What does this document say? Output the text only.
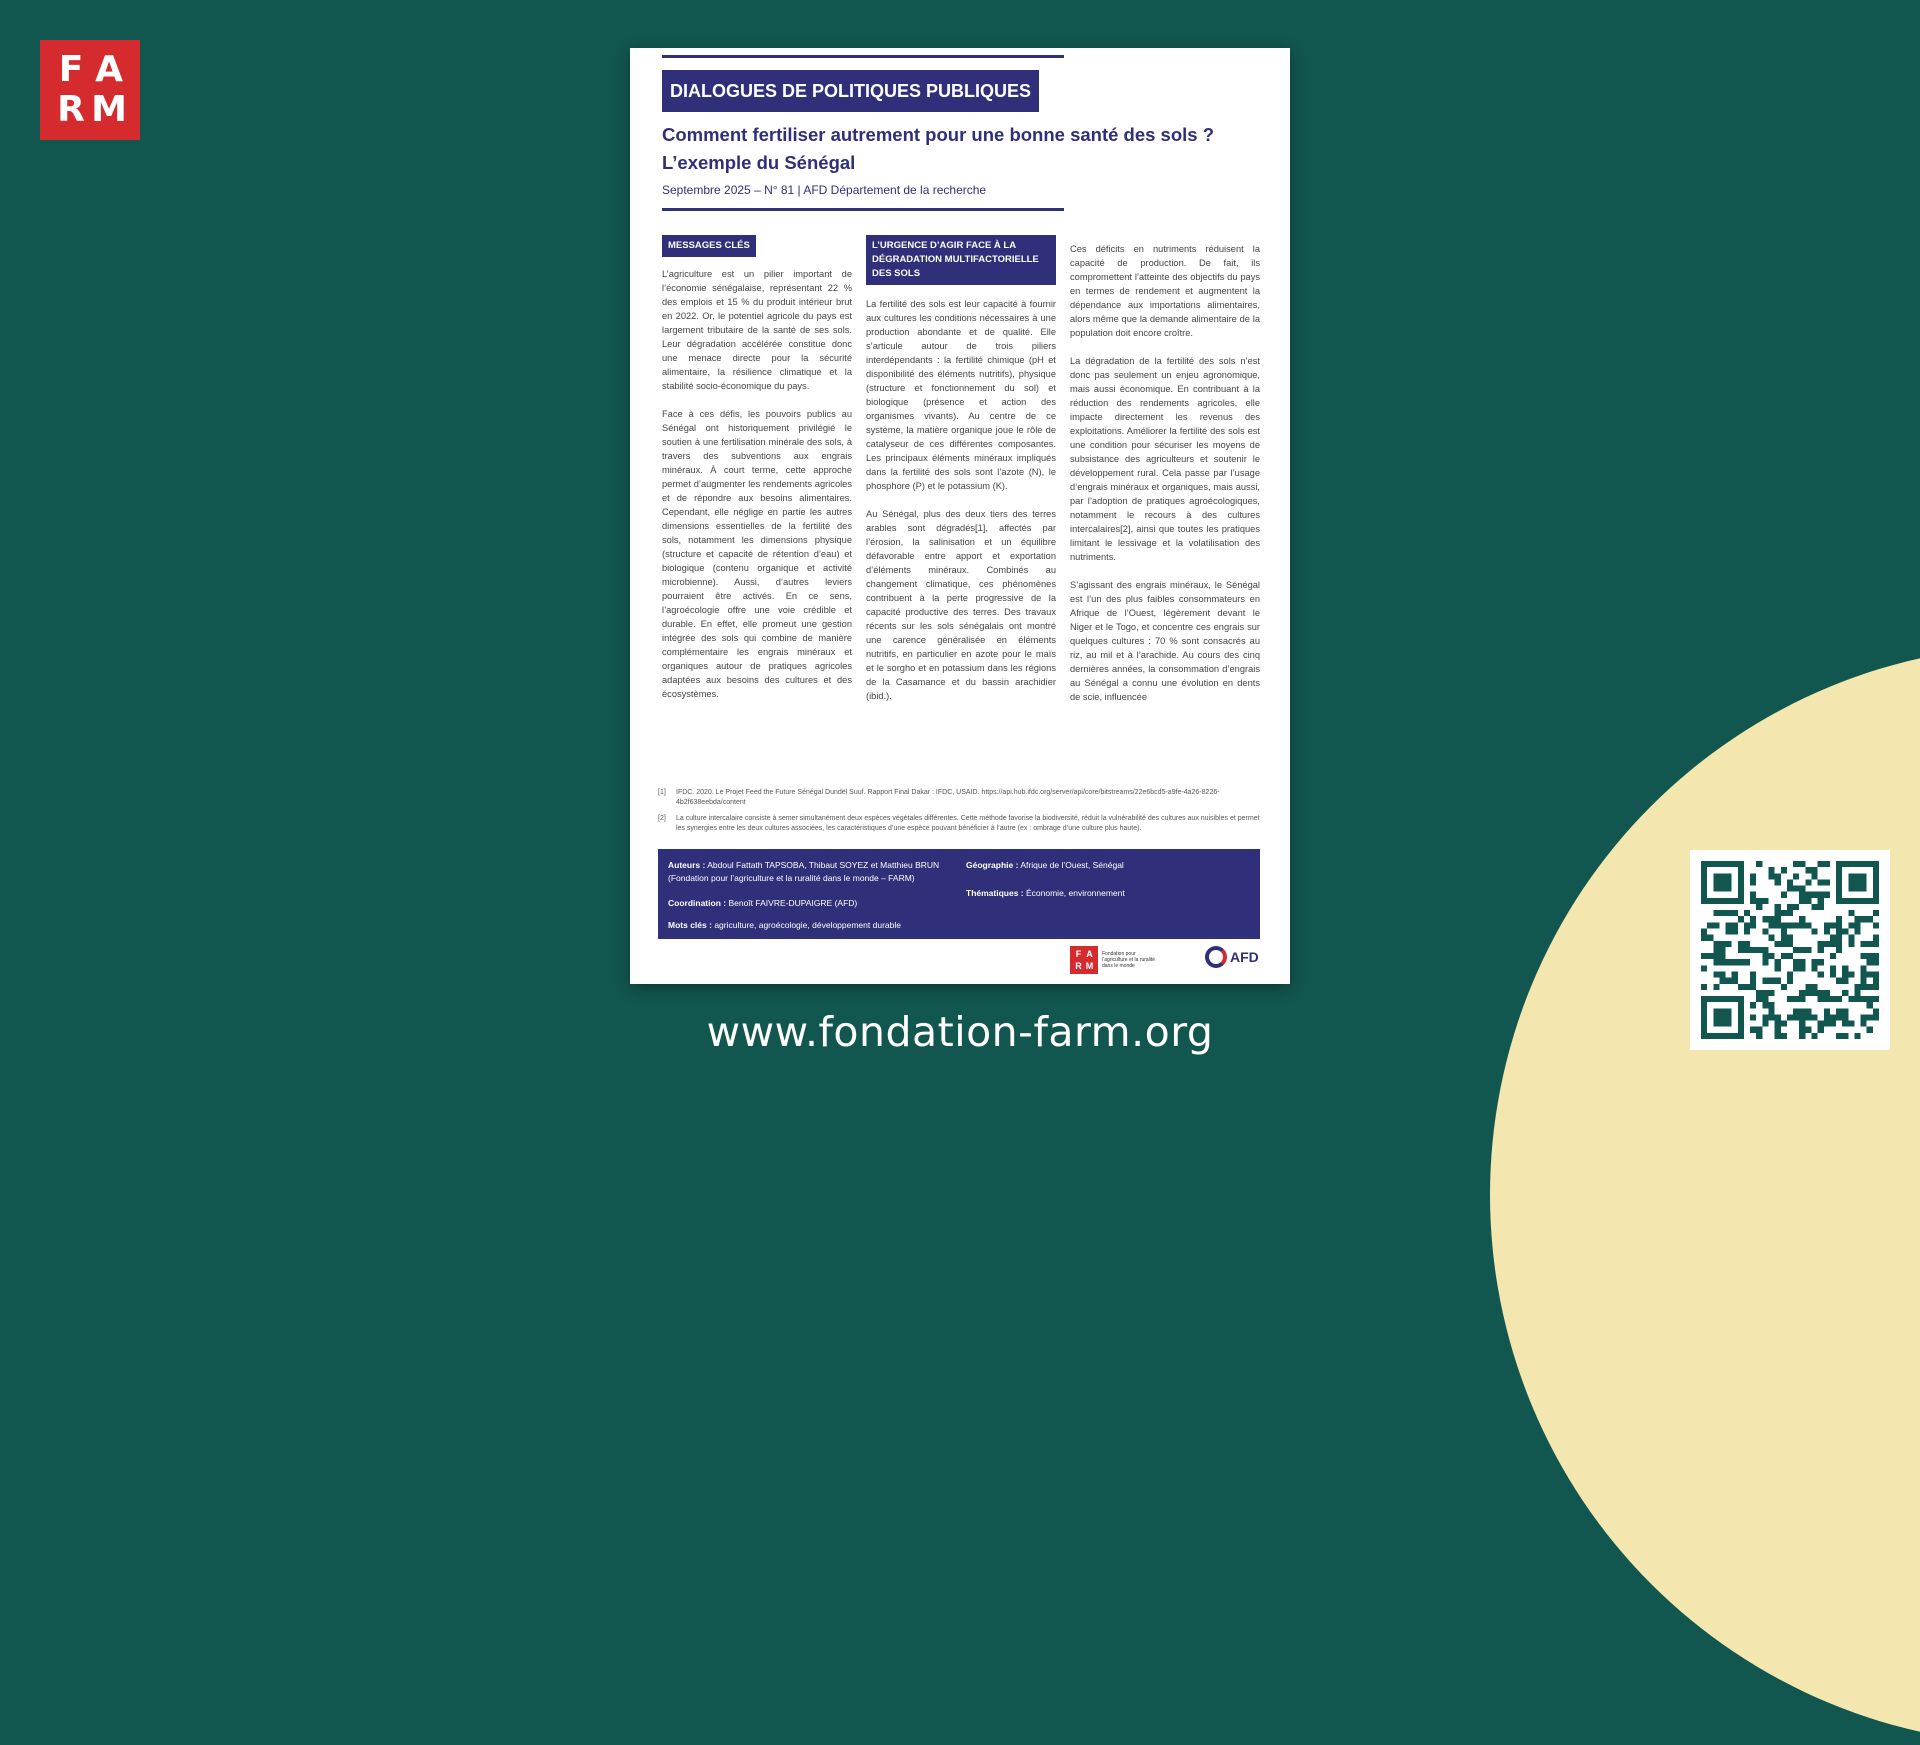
F A
R M	DIALOGUES DE POLITIQUES PUBLIQUES
Comment fertiliser autrement pour une bonne santé des sols ? L’exemple du Sénégal
Septembre 2025 – N° 81 | AFD Département de la recherche
MESSAGES CLÉS

L’agriculture est un pilier important de l’économie sénégalaise, représentant 22 % des emplois et 15 % du produit intérieur brut en 2022. Or, le potentiel agricole du pays est largement tributaire de la santé de ses sols. Leur dégradation accélérée constitue donc une menace directe pour la sécurité alimentaire, la résilience climatique et la stabilité socio-économique du pays.

Face à ces défis, les pouvoirs publics au Sénégal ont historiquement privilégié le soutien à une fertilisation minérale des sols, à travers des subventions aux engrais minéraux. À court terme, cette approche permet d’augmenter les rendements agricoles et de répondre aux besoins alimentaires. Cependant, elle néglige en partie les autres dimensions essentielles de la fertilité des sols, notamment les dimensions physique (structure et capacité de rétention d’eau) et biologique (contenu organique et activité microbienne). Aussi, d’autres leviers pourraient être activés. En ce sens, l’agroécologie offre une voie crédible et durable. En effet, elle promeut une gestion intégrée des sols qui combine de manière complémentaire les engrais minéraux et organiques autour de pratiques agricoles adaptées aux besoins des cultures et des écosystèmes.

L’URGENCE D’AGIR FACE À LA DÉGRADATION MULTIFACTORIELLE DES SOLS

La fertilité des sols est leur capacité à fournir aux cultures les conditions nécessaires à une production abondante et de qualité. Elle s’articule autour de trois piliers interdépendants : la fertilité chimique (pH et disponibilité des éléments nutritifs), physique (structure et fonctionnement du sol) et biologique (présence et action des organismes vivants). Au centre de ce système, la matière organique joue le rôle de catalyseur de ces différentes composantes. Les principaux éléments minéraux impliqués dans la fertilité des sols sont l’azote (N), le phosphore (P) et le potassium (K).

Au Sénégal, plus des deux tiers des terres arables sont dégradés[1], affectés par l’érosion, la salinisation et un équilibre défavorable entre apport et exportation d’éléments minéraux. Combinés au changement climatique, ces phénomènes contribuent à la perte progressive de la capacité productive des terres. Des travaux récents sur les sols sénégalais ont montré une carence généralisée en éléments nutritifs, en particulier en azote pour le maïs et le sorgho et en potassium dans les régions de la Casamance et du bassin arachidier (ibid.).

Ces déficits en nutriments réduisent la capacité de production. De fait, ils compromettent l’atteinte des objectifs du pays en termes de rendement et augmentent la dépendance aux importations alimentaires, alors même que la demande alimentaire de la population doit encore croître.

La dégradation de la fertilité des sols n’est donc pas seulement un enjeu agronomique, mais aussi économique. En contribuant à la réduction des rendements agricoles, elle impacte directement les revenus des exploitations. Améliorer la fertilité des sols est une condition pour sécuriser les moyens de subsistance des agriculteurs et soutenir le développement rural. Cela passe par l’usage d’engrais minéraux et organiques, mais aussi, par l’adoption de pratiques agroécologiques, notamment le recours à des cultures intercalaires[2], ainsi que toutes les pratiques limitant le lessivage et la volatilisation des nutriments.

S’agissant des engrais minéraux, le Sénégal est l’un des plus faibles consommateurs en Afrique de l’Ouest, légèrement devant le Niger et le Togo, et concentre ces engrais sur quelques cultures : 70 % sont consacrés au riz, au mil et à l’arachide. Au cours des cinq dernières années, la consommation d’engrais au Sénégal a connu une évolution en dents de scie, influencée

[1]	IFDC. 2020. Le Projet Feed the Future Sénégal Dundël Suuf. Rapport Final Dakar : IFDC, USAID. https://api.hub.ifdc.org/server/api/core/bitstreams/22e6bcd5-a9fe-4a26-8226-4b2f638eebda/content
[2]	La culture intercalaire consiste à semer simultanément deux espèces végétales différentes. Cette méthode favorise la biodiversité, réduit la vulnérabilité des cultures aux nuisibles et permet les synergies entre les deux cultures associées, les caractéristiques d’une espèce pouvant bénéficier à l’autre (ex : ombrage d’une culture plus haute).
Auteurs : Abdoul Fattath TAPSOBA, Thibaut SOYEZ et Matthieu BRUN (Fondation pour l’agriculture et la ruralité dans le monde – FARM)
Coordination : Benoît FAIVRE-DUPAIGRE (AFD)
Mots clés : agriculture, agroécologie, développement durable
Géographie : Afrique de l’Ouest, Sénégal
Thématiques : Économie, environnement
F A
R M
Fondation pour l’agriculture et la ruralité dans le monde
AFD
www.fondation-farm.org
